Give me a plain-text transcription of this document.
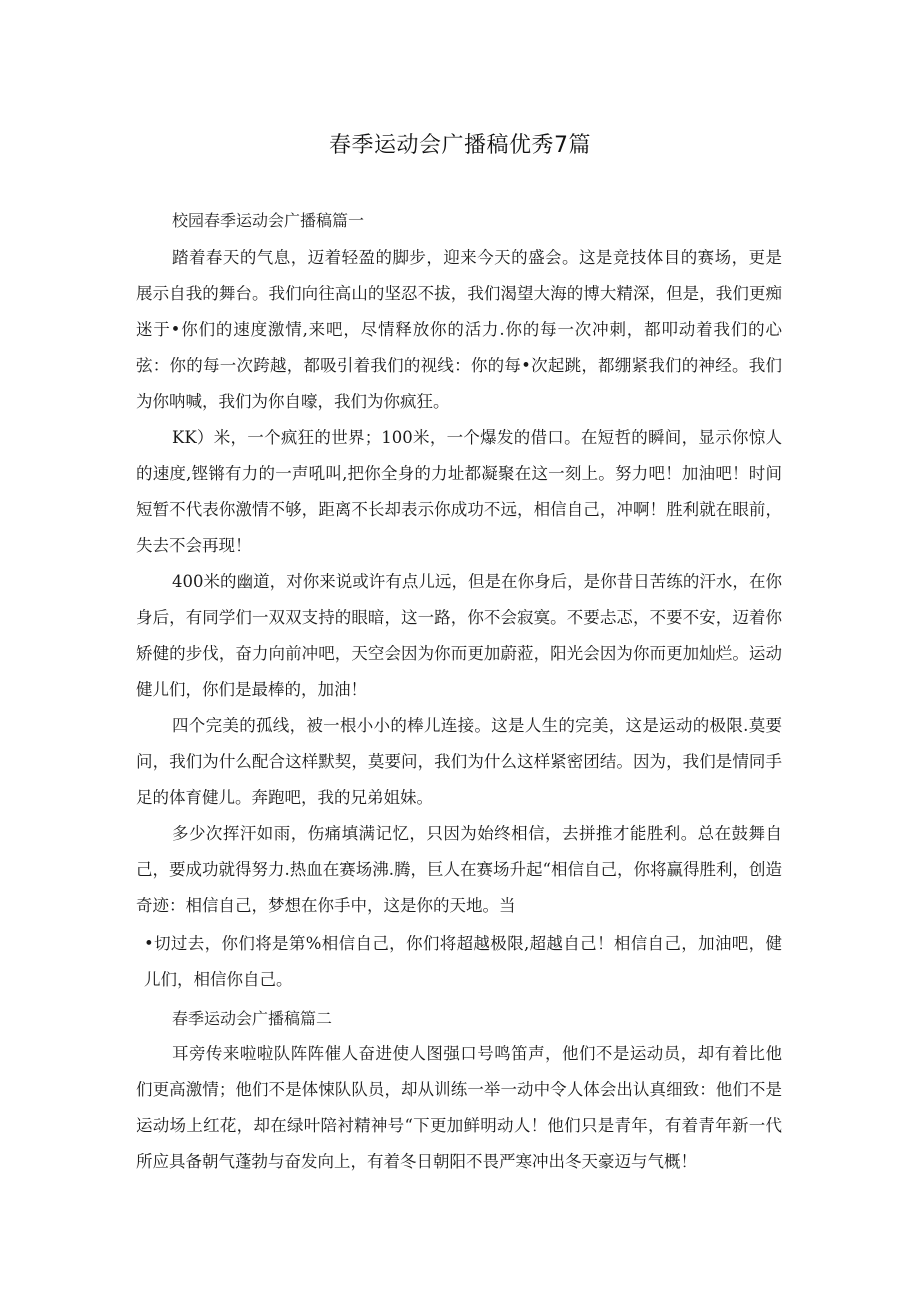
春季运动会广播稿优秀7篇
校园春季运动会广播稿篇一
踏着春天的气息，迈着轻盈的脚步，迎来今天的盛会。这是竞技体目的赛场，更是展示自我的舞台。我们向往高山的坚忍不拔，我们渴望大海的博大精深，但是，我们更痴迷于•你们的速度激情,来吧，尽情释放你的活力.你的每一次冲刺，都叩动着我们的心弦：你的每一次跨越，都吸引着我们的视线：你的每•次起跳，都绷紧我们的神经。我们为你呐喊，我们为你自嚎，我们为你疯狂。
KK）米，一个疯狂的世界；100米，一个爆发的借口。在短哲的瞬间，显示你惊人的速度,铿锵有力的一声吼叫,把你全身的力址都凝聚在这一刻上。努力吧！加油吧！时间短暂不代表你激情不够，距离不长却表示你成功不远，相信自己，冲啊！胜利就在眼前，失去不会再现！
400米的幽道，对你来说或许有点儿远，但是在你身后，是你昔日苦练的汗水，在你身后，有同学们一双双支持的眼暗，这一路，你不会寂寞。不要忐忑，不要不安，迈着你矫健的步伐，奋力向前冲吧，天空会因为你而更加蔚蒞，阳光会因为你而更加灿烂。运动健儿们，你们是最棒的，加油！
四个完美的孤线，被一根小小的棒儿连接。这是人生的完美，这是运动的极限.莫要问，我们为什么配合这样默契，莫要问，我们为什么这样紧密团结。因为，我们是情同手足的体育健儿。奔跑吧，我的兄弟姐妹。
多少次挥汗如雨，伤痛填满记忆，只因为始终相信，去拼推才能胜利。总在鼓舞自己，要成功就得努力.热血在赛场沸.腾，巨人在赛场升起“相信自己，你将赢得胜利，创造奇迹：相信自己，梦想在你手中，这是你的天地。当
•切过去，你们将是第%相信自己，你们将超越极限,超越自己！相信自己，加油吧，健儿们，相信你自己。
春季运动会广播稿篇二
耳旁传来啦啦队阵阵催人奋进使人图强口号鸣笛声，他们不是运动员，却有着比他们更高激情；他们不是体悚队队员，却从训练一举一动中令人体会出认真细致：他们不是运动场上红花，却在绿叶陪衬精神号“下更加鲜明动人！他们只是青年，有着青年新一代所应具备朝气蓬勃与奋发向上，有着冬日朝阳不畏严寒冲出冬天豪迈与气概！
